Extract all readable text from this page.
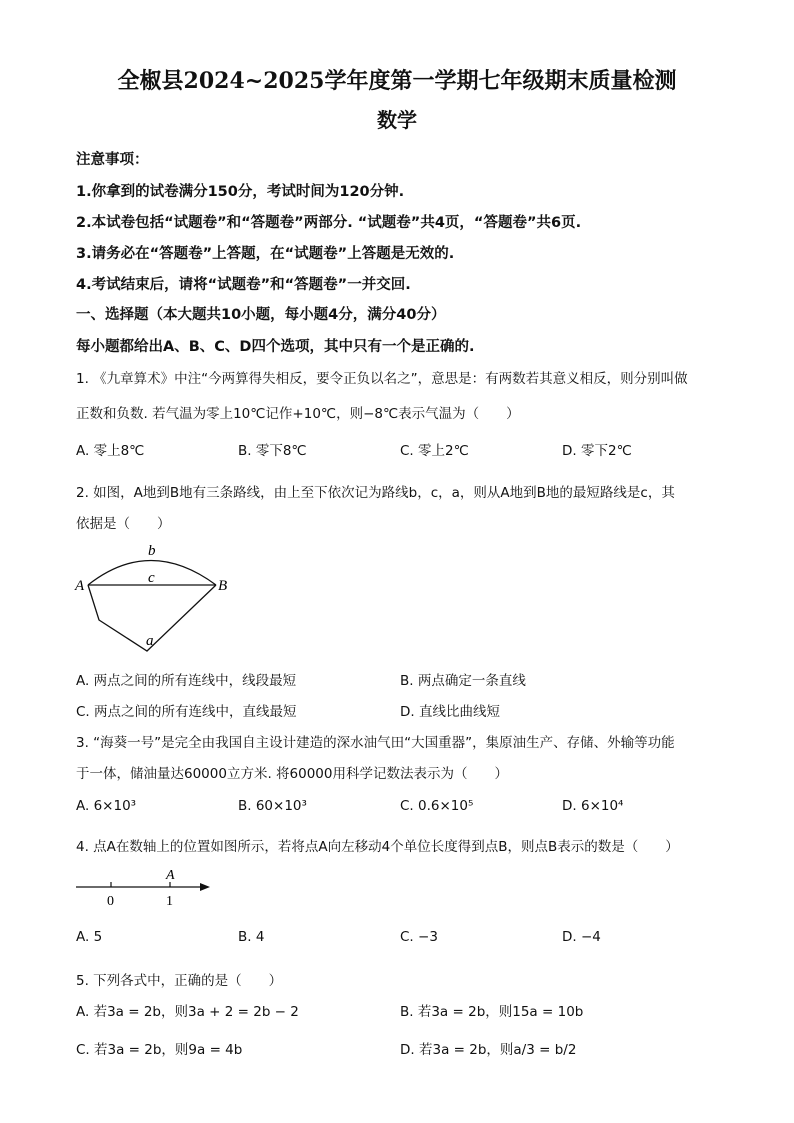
全椒县2024~2025学年度第一学期七年级期末质量检测
数学
注意事项：
1.你拿到的试卷满分150分，考试时间为120分钟.
2.本试卷包括“试题卷”和“答题卷”两部分. “试题卷”共4页，“答题卷”共6页.
3.请务必在“答题卷”上答题，在“试题卷”上答题是无效的.
4.考试结束后，请将“试题卷”和“答题卷”一并交回.
一、选择题（本大题共10小题，每小题4分，满分40分）
每小题都给出A、B、C、D四个选项，其中只有一个是正确的.
1. 《九章算术》中注“今两算得失相反，要令正负以名之”，意思是：有两数若其意义相反，则分别叫做
正数和负数. 若气温为零上10℃记作+10℃，则−8℃表示气温为（　　）
A. 零上8℃	B. 零下8℃	C. 零上2℃	D. 零下2℃
2. 如图，A地到B地有三条路线，由上至下依次记为路线b，c，a，则从A地到B地的最短路线是c，其
依据是（　　）
b
c
A	B
a
A. 两点之间的所有连线中，线段最短	B. 两点确定一条直线
C. 两点之间的所有连线中，直线最短	D. 直线比曲线短
3. “海葵一号”是完全由我国自主设计建造的深水油气田“大国重器”，集原油生产、存储、外输等功能
于一体，储油量达60000立方米. 将60000用科学记数法表示为（　　）
A. 6×10³	B. 60×10³	C. 0.6×10⁵	D. 6×10⁴
4. 点A在数轴上的位置如图所示，若将点A向左移动4个单位长度得到点B，则点B表示的数是（　　）
A
0	1
A. 5	B. 4	C. −3	D. −4
5. 下列各式中，正确的是（　　）
A. 若3a = 2b，则3a + 2 = 2b − 2	B. 若3a = 2b，则15a = 10b
C. 若3a = 2b，则9a = 4b	D. 若3a = 2b，则a/3 = b/2
